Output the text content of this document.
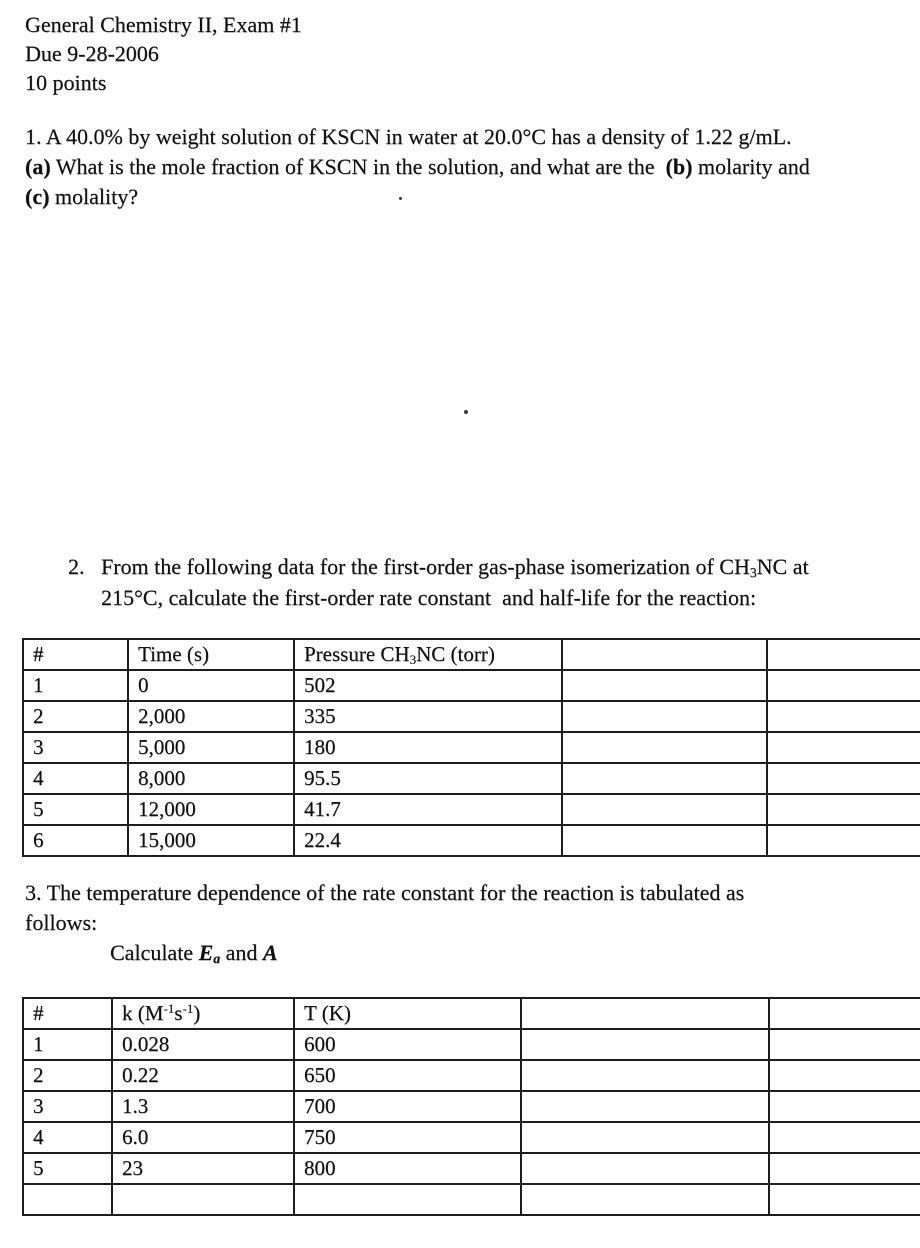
General Chemistry II, Exam #1
Due 9-28-2006
10 points
1. A 40.0% by weight solution of KSCN in water at 20.0°C has a density of 1.22 g/mL.
(a) What is the mole fraction of KSCN in the solution, and what are the  (b) molarity and
(c) molality?
2. From the following data for the first-order gas-phase isomerization of $CH_3NC$ at
215°C, calculate the first-order rate constant  and half-life for the reaction:
#	Time (s)	Pressure $CH_3NC$ (torr)		
1	0	502		
2	2,000	335		
3	5,000	180		
4	8,000	95.5		
5	12,000	41.7		
6	15,000	22.4		
3. The temperature dependence of the rate constant for the reaction is tabulated as
follows:
Calculate $E_a$ and A
#	k $(M^{-1}s^{-1})$	T (K)		
1	0.028	600		
2	0.22	650		
3	1.3	700		
4	6.0	750		
5	23	800		
